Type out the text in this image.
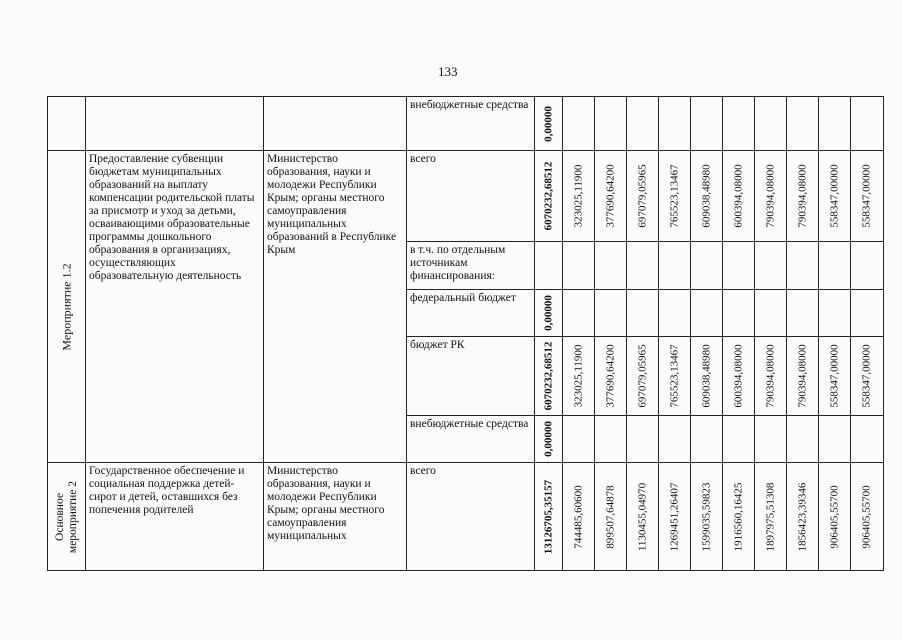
133

			внебюджетные средства	0,00000										

Мероприятие 1.2	Предоставление субвенции бюджетам муниципальных образований на выплату компенсации родительской платы за присмотр и уход за детьми, осваивающими образовательные программы дошкольного образования в организациях, осуществляющих образовательную деятельность	Министерство образования, науки и молодежи Республики Крым; органы местного самоуправления муниципальных образований в Республике Крым	всего	6070232,68512	323025,11900	377690,64200	697079,05965	765523,13467	609038,48980	600394,08000	790394,08000	790394,08000	558347,00000	558347,00000

			в т.ч. по отдельным источникам финансирования:											

			федеральный бюджет	0,00000										

			бюджет РК	6070232,68512	323025,11900	377690,64200	697079,05965	765523,13467	609038,48980	600394,08000	790394,08000	790394,08000	558347,00000	558347,00000

			внебюджетные средства	0,00000										

Основное мероприятие 2	Государственное обеспечение и социальная поддержка детей-сирот и детей, оставшихся без попечения родителей	Министерство образования, науки и молодежи Республики Крым; органы местного самоуправления муниципальных	всего	13126705,35157	744485,60600	899507,64878	1130455,04970	1269451,26407	1599035,59823	1916560,16425	1897975,51308	1856423,39346	906405,55700	906405,55700
